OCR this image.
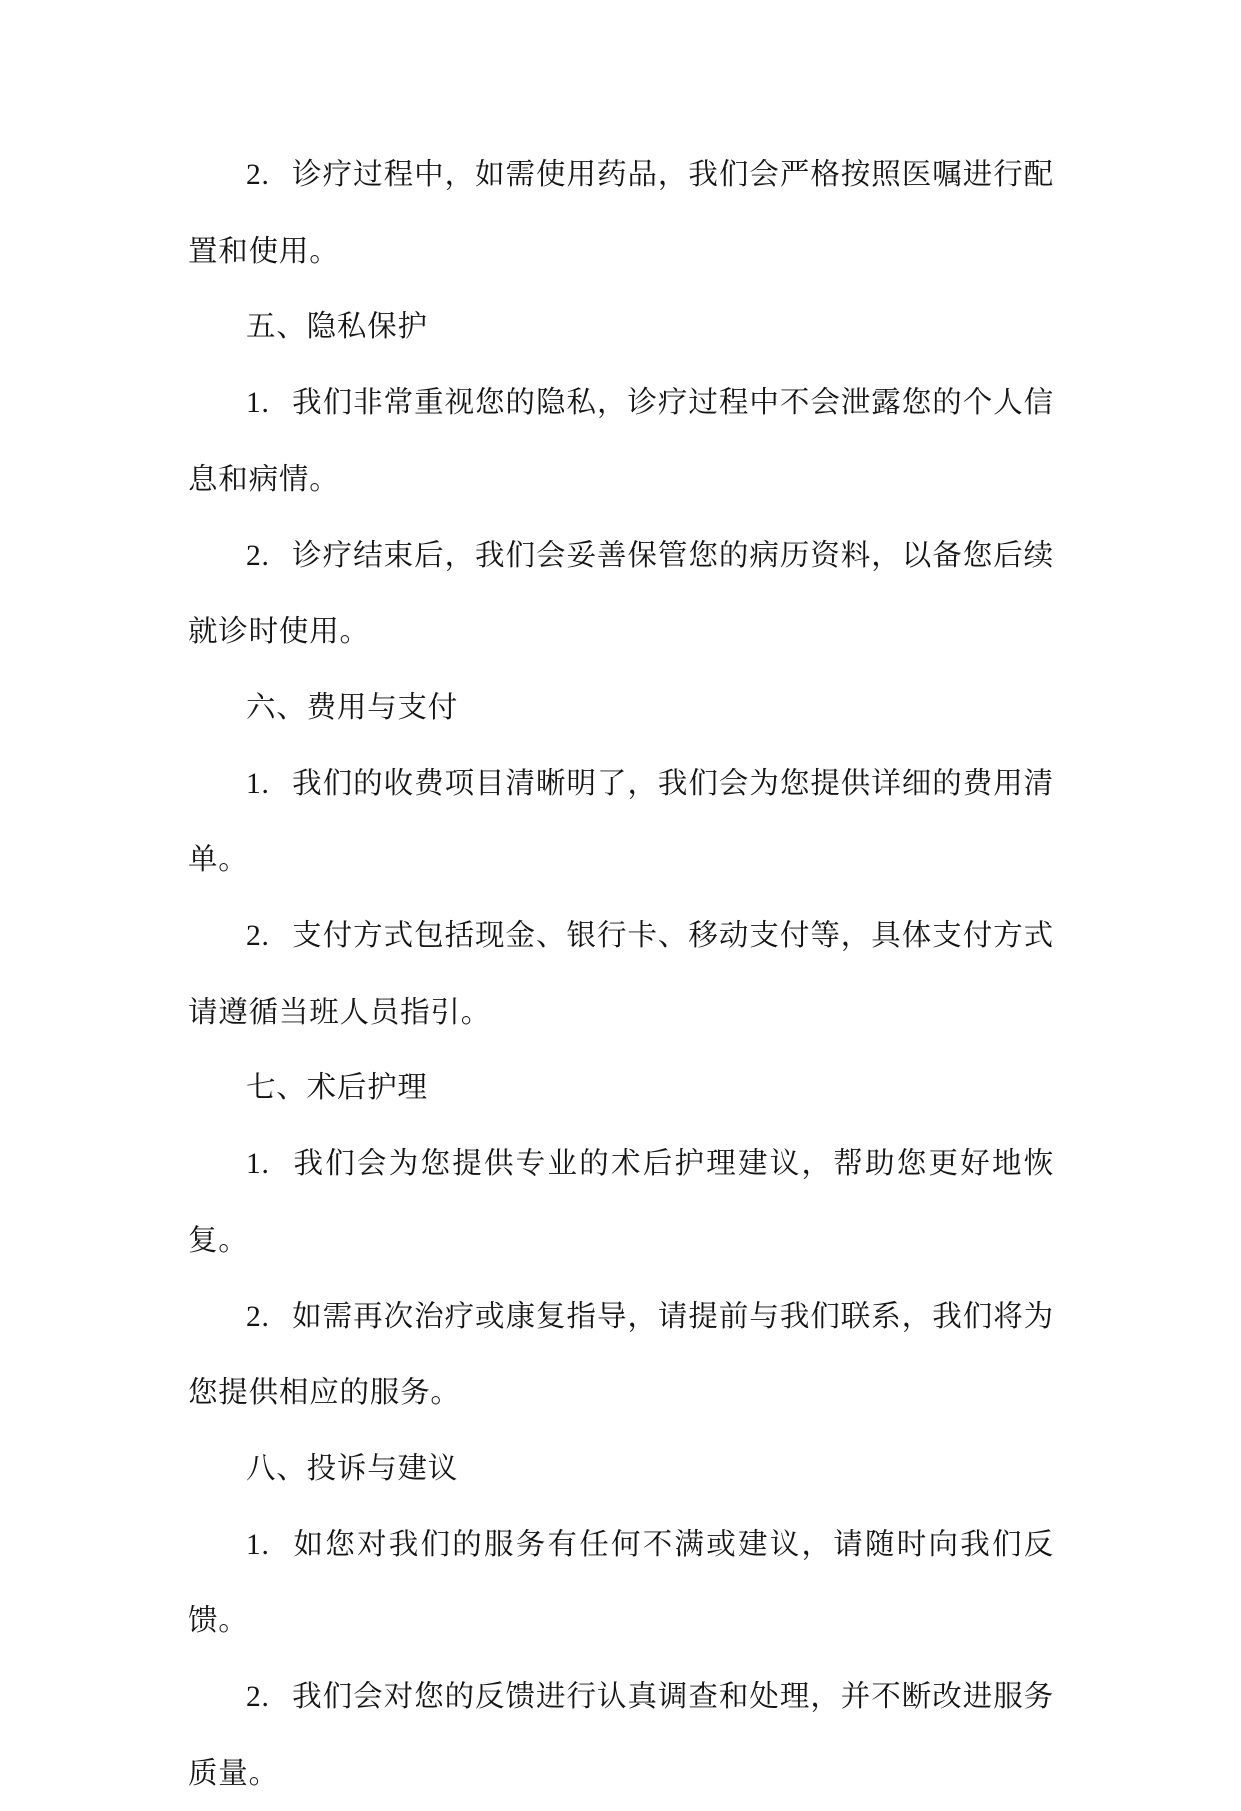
2. 诊疗过程中，如需使用药品，我们会严格按照医嘱进行配置和使用。

五、隐私保护

1. 我们非常重视您的隐私，诊疗过程中不会泄露您的个人信息和病情。

2. 诊疗结束后，我们会妥善保管您的病历资料，以备您后续就诊时使用。

六、费用与支付

1. 我们的收费项目清晰明了，我们会为您提供详细的费用清单。

2. 支付方式包括现金、银行卡、移动支付等，具体支付方式请遵循当班人员指引。

七、术后护理

1. 我们会为您提供专业的术后护理建议，帮助您更好地恢复。

2. 如需再次治疗或康复指导，请提前与我们联系，我们将为您提供相应的服务。

八、投诉与建议

1. 如您对我们的服务有任何不满或建议，请随时向我们反馈。

2. 我们会对您的反馈进行认真调查和处理，并不断改进服务质量。
